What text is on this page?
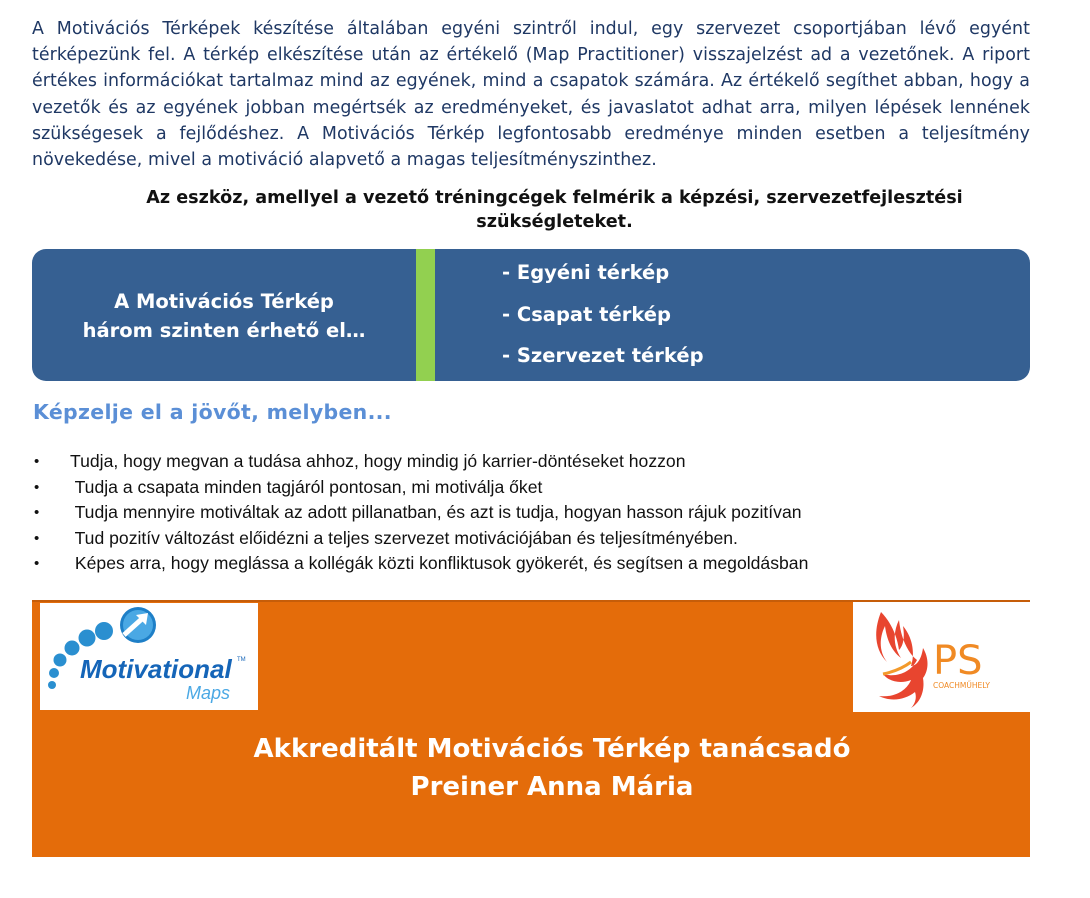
A Motivációs Térképek készítése általában egyéni szintről indul, egy szervezet csoportjában lévő egyént térképezünk fel. A térkép elkészítése után az értékelő (Map Practitioner) visszajelzést ad a vezetőnek. A riport értékes információkat tartalmaz mind az egyének, mind a csapatok számára. Az értékelő segíthet abban, hogy a vezetők és az egyének jobban megértsék az eredményeket, és javaslatot adhat arra, milyen lépések lennének szükségesek a fejlődéshez. A Motivációs Térkép legfontosabb eredménye minden esetben a teljesítmény növekedése, mivel a motiváció alapvető a magas teljesítményszinthez.

Az eszköz, amellyel a vezető tréningcégek felmérik a képzési, szervezetfejlesztési
szükségleteket.
A Motivációs Térkép
három szinten érhető el…
- Egyéni térkép
- Csapat térkép
- Szervezet térkép
Képzelje el a jövőt, melyben...
• Tudja, hogy megvan a tudása ahhoz, hogy mindig jó karrier-döntéseket hozzon
• Tudja a csapata minden tagjáról pontosan, mi motiválja őket
• Tudja mennyire motiváltak az adott pillanatban, és azt is tudja, hogyan hasson rájuk pozitívan
• Tud pozitív változást előidézni a teljes szervezet motivációjában és teljesítményében.
• Képes arra, hogy meglássa a kollégák közti konfliktusok gyökerét, és segítsen a megoldásban
Motivational TM
Maps
PS
COACHMŰHELY
Akkreditált Motivációs Térkép tanácsadó
Preiner Anna Mária
